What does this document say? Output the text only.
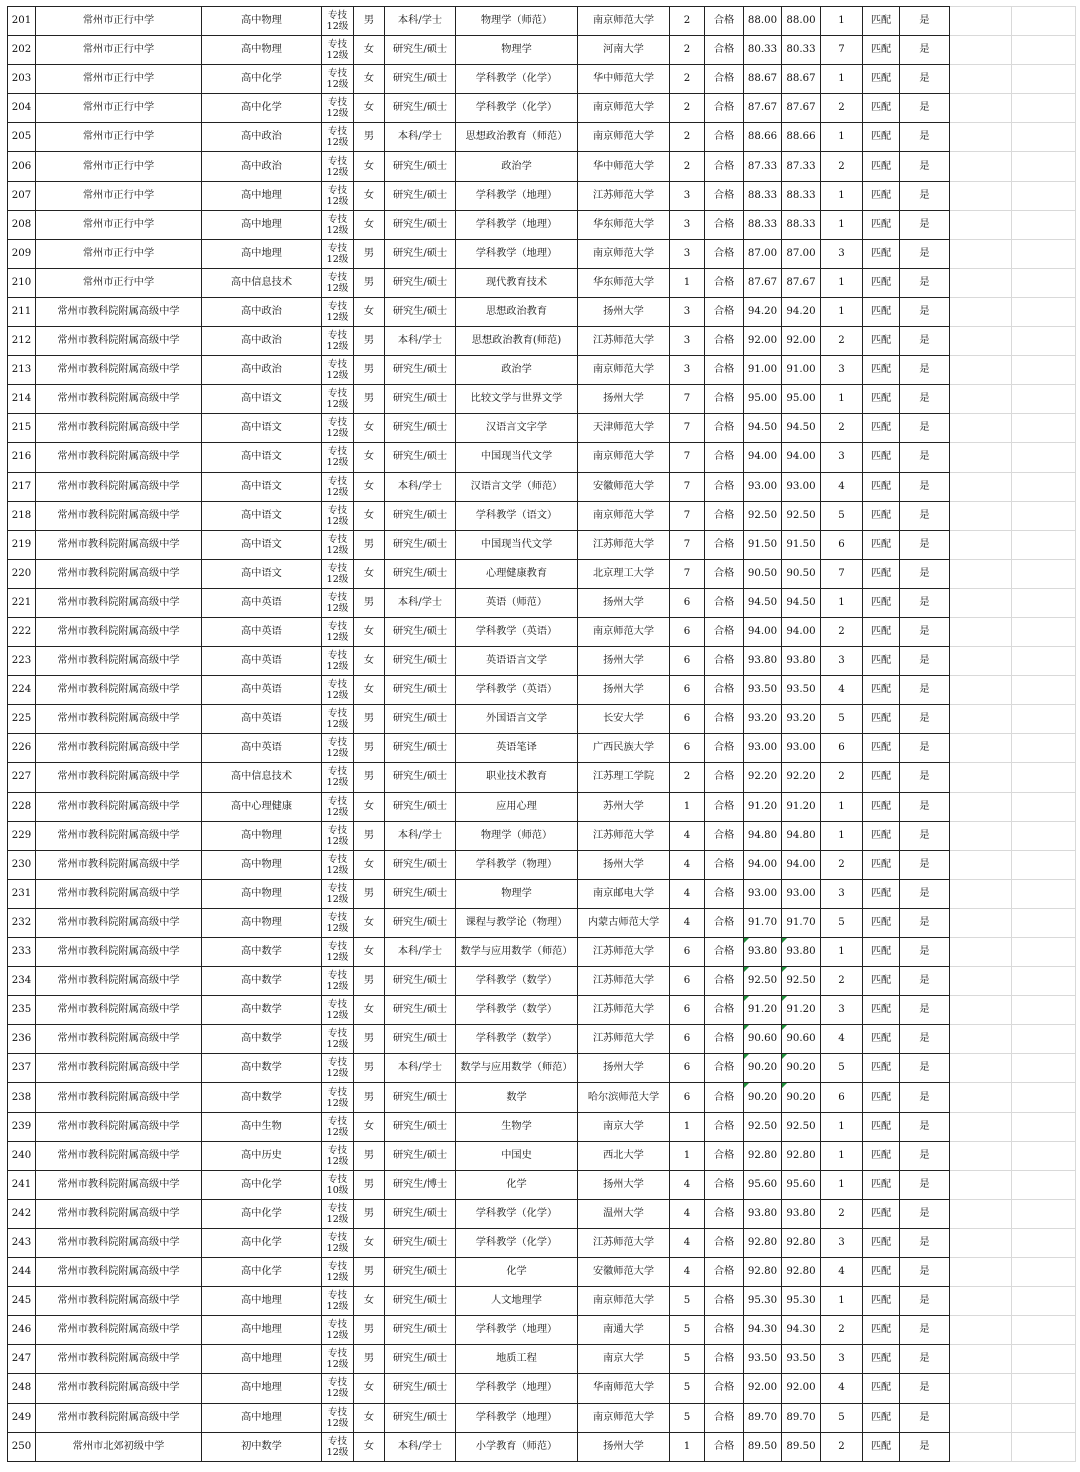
201	常州市正行中学	高中物理	专技12级	男	本科/学士	物理学（师范）	南京师范大学	2	合格	88.00	88.00	1	匹配	是		
202	常州市正行中学	高中物理	专技12级	女	研究生/硕士	物理学	河南大学	2	合格	80.33	80.33	7	匹配	是		
203	常州市正行中学	高中化学	专技12级	女	研究生/硕士	学科教学（化学）	华中师范大学	2	合格	88.67	88.67	1	匹配	是		
204	常州市正行中学	高中化学	专技12级	女	研究生/硕士	学科教学（化学）	南京师范大学	2	合格	87.67	87.67	2	匹配	是		
205	常州市正行中学	高中政治	专技12级	男	本科/学士	思想政治教育（师范）	南京师范大学	2	合格	88.66	88.66	1	匹配	是		
206	常州市正行中学	高中政治	专技12级	女	研究生/硕士	政治学	华中师范大学	2	合格	87.33	87.33	2	匹配	是		
207	常州市正行中学	高中地理	专技12级	女	研究生/硕士	学科教学（地理）	江苏师范大学	3	合格	88.33	88.33	1	匹配	是		
208	常州市正行中学	高中地理	专技12级	女	研究生/硕士	学科教学（地理）	华东师范大学	3	合格	88.33	88.33	1	匹配	是		
209	常州市正行中学	高中地理	专技12级	男	研究生/硕士	学科教学（地理）	南京师范大学	3	合格	87.00	87.00	3	匹配	是		
210	常州市正行中学	高中信息技术	专技12级	男	研究生/硕士	现代教育技术	华东师范大学	1	合格	87.67	87.67	1	匹配	是		
211	常州市教科院附属高级中学	高中政治	专技12级	女	研究生/硕士	思想政治教育	扬州大学	3	合格	94.20	94.20	1	匹配	是		
212	常州市教科院附属高级中学	高中政治	专技12级	男	本科/学士	思想政治教育(师范)	江苏师范大学	3	合格	92.00	92.00	2	匹配	是		
213	常州市教科院附属高级中学	高中政治	专技12级	男	研究生/硕士	政治学	南京师范大学	3	合格	91.00	91.00	3	匹配	是		
214	常州市教科院附属高级中学	高中语文	专技12级	男	研究生/硕士	比较文学与世界文学	扬州大学	7	合格	95.00	95.00	1	匹配	是		
215	常州市教科院附属高级中学	高中语文	专技12级	女	研究生/硕士	汉语言文字学	天津师范大学	7	合格	94.50	94.50	2	匹配	是		
216	常州市教科院附属高级中学	高中语文	专技12级	女	研究生/硕士	中国现当代文学	南京师范大学	7	合格	94.00	94.00	3	匹配	是		
217	常州市教科院附属高级中学	高中语文	专技12级	女	本科/学士	汉语言文学（师范）	安徽师范大学	7	合格	93.00	93.00	4	匹配	是		
218	常州市教科院附属高级中学	高中语文	专技12级	女	研究生/硕士	学科教学（语文）	南京师范大学	7	合格	92.50	92.50	5	匹配	是		
219	常州市教科院附属高级中学	高中语文	专技12级	男	研究生/硕士	中国现当代文学	江苏师范大学	7	合格	91.50	91.50	6	匹配	是		
220	常州市教科院附属高级中学	高中语文	专技12级	女	研究生/硕士	心理健康教育	北京理工大学	7	合格	90.50	90.50	7	匹配	是		
221	常州市教科院附属高级中学	高中英语	专技12级	男	本科/学士	英语（师范）	扬州大学	6	合格	94.50	94.50	1	匹配	是		
222	常州市教科院附属高级中学	高中英语	专技12级	女	研究生/硕士	学科教学（英语）	南京师范大学	6	合格	94.00	94.00	2	匹配	是		
223	常州市教科院附属高级中学	高中英语	专技12级	女	研究生/硕士	英语语言文学	扬州大学	6	合格	93.80	93.80	3	匹配	是		
224	常州市教科院附属高级中学	高中英语	专技12级	女	研究生/硕士	学科教学（英语）	扬州大学	6	合格	93.50	93.50	4	匹配	是		
225	常州市教科院附属高级中学	高中英语	专技12级	男	研究生/硕士	外国语言文学	长安大学	6	合格	93.20	93.20	5	匹配	是		
226	常州市教科院附属高级中学	高中英语	专技12级	男	研究生/硕士	英语笔译	广西民族大学	6	合格	93.00	93.00	6	匹配	是		
227	常州市教科院附属高级中学	高中信息技术	专技12级	男	研究生/硕士	职业技术教育	江苏理工学院	2	合格	92.20	92.20	2	匹配	是		
228	常州市教科院附属高级中学	高中心理健康	专技12级	女	研究生/硕士	应用心理	苏州大学	1	合格	91.20	91.20	1	匹配	是		
229	常州市教科院附属高级中学	高中物理	专技12级	男	本科/学士	物理学（师范）	江苏师范大学	4	合格	94.80	94.80	1	匹配	是		
230	常州市教科院附属高级中学	高中物理	专技12级	女	研究生/硕士	学科教学（物理）	扬州大学	4	合格	94.00	94.00	2	匹配	是		
231	常州市教科院附属高级中学	高中物理	专技12级	男	研究生/硕士	物理学	南京邮电大学	4	合格	93.00	93.00	3	匹配	是		
232	常州市教科院附属高级中学	高中物理	专技12级	女	研究生/硕士	课程与教学论（物理）	内蒙古师范大学	4	合格	91.70	91.70	5	匹配	是		
233	常州市教科院附属高级中学	高中数学	专技12级	女	本科/学士	数学与应用数学（师范）	江苏师范大学	6	合格	93.80	93.80	1	匹配	是		
234	常州市教科院附属高级中学	高中数学	专技12级	男	研究生/硕士	学科教学（数学）	江苏师范大学	6	合格	92.50	92.50	2	匹配	是		
235	常州市教科院附属高级中学	高中数学	专技12级	女	研究生/硕士	学科教学（数学）	江苏师范大学	6	合格	91.20	91.20	3	匹配	是		
236	常州市教科院附属高级中学	高中数学	专技12级	男	研究生/硕士	学科教学（数学）	江苏师范大学	6	合格	90.60	90.60	4	匹配	是		
237	常州市教科院附属高级中学	高中数学	专技12级	男	本科/学士	数学与应用数学（师范）	扬州大学	6	合格	90.20	90.20	5	匹配	是		
238	常州市教科院附属高级中学	高中数学	专技12级	男	研究生/硕士	数学	哈尔滨师范大学	6	合格	90.20	90.20	6	匹配	是		
239	常州市教科院附属高级中学	高中生物	专技12级	女	研究生/硕士	生物学	南京大学	1	合格	92.50	92.50	1	匹配	是		
240	常州市教科院附属高级中学	高中历史	专技12级	男	研究生/硕士	中国史	西北大学	1	合格	92.80	92.80	1	匹配	是		
241	常州市教科院附属高级中学	高中化学	专技10级	男	研究生/博士	化学	扬州大学	4	合格	95.60	95.60	1	匹配	是		
242	常州市教科院附属高级中学	高中化学	专技12级	男	研究生/硕士	学科教学（化学）	温州大学	4	合格	93.80	93.80	2	匹配	是		
243	常州市教科院附属高级中学	高中化学	专技12级	女	研究生/硕士	学科教学（化学）	江苏师范大学	4	合格	92.80	92.80	3	匹配	是		
244	常州市教科院附属高级中学	高中化学	专技12级	男	研究生/硕士	化学	安徽师范大学	4	合格	92.80	92.80	4	匹配	是		
245	常州市教科院附属高级中学	高中地理	专技12级	女	研究生/硕士	人文地理学	南京师范大学	5	合格	95.30	95.30	1	匹配	是		
246	常州市教科院附属高级中学	高中地理	专技12级	男	研究生/硕士	学科教学（地理）	南通大学	5	合格	94.30	94.30	2	匹配	是		
247	常州市教科院附属高级中学	高中地理	专技12级	男	研究生/硕士	地质工程	南京大学	5	合格	93.50	93.50	3	匹配	是		
248	常州市教科院附属高级中学	高中地理	专技12级	女	研究生/硕士	学科教学（地理）	华南师范大学	5	合格	92.00	92.00	4	匹配	是		
249	常州市教科院附属高级中学	高中地理	专技12级	女	研究生/硕士	学科教学（地理）	南京师范大学	5	合格	89.70	89.70	5	匹配	是		
250	常州市北郊初级中学	初中数学	专技12级	女	本科/学士	小学教育（师范）	扬州大学	1	合格	89.50	89.50	2	匹配	是		
